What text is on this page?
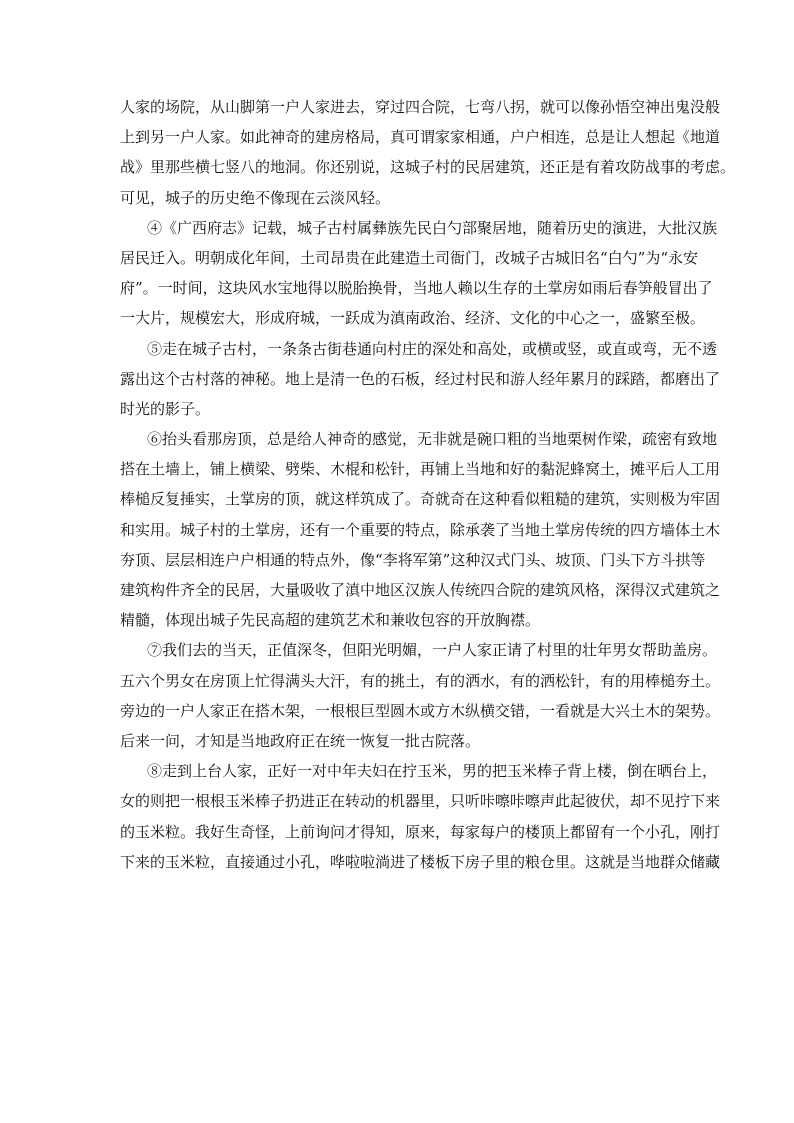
人家的场院，从山脚第一户人家进去，穿过四合院，七弯八拐，就可以像孙悟空神出鬼没般
上到另一户人家。如此神奇的建房格局，真可谓家家相通，户户相连，总是让人想起《地道
战》里那些横七竖八的地洞。你还别说，这城子村的民居建筑，还正是有着攻防战事的考虑。
可见，城子的历史绝不像现在云淡风轻。
④《广西府志》记载，城子古村属彝族先民白勺部聚居地，随着历史的演进，大批汉族
居民迁入。明朝成化年间，土司昂贵在此建造土司衙门，改城子古城旧名“白勺”为“永安
府”。一时间，这块风水宝地得以脱胎换骨，当地人赖以生存的土掌房如雨后春笋般冒出了
一大片，规模宏大，形成府城，一跃成为滇南政治、经济、文化的中心之一，盛繁至极。
⑤走在城子古村，一条条古街巷通向村庄的深处和高处，或横或竖，或直或弯，无不透
露出这个古村落的神秘。地上是清一色的石板，经过村民和游人经年累月的踩踏，都磨出了
时光的影子。
⑥抬头看那房顶，总是给人神奇的感觉，无非就是碗口粗的当地栗树作梁，疏密有致地
搭在土墙上，铺上横梁、劈柴、木棍和松针，再铺上当地和好的黏泥蜂窝土，摊平后人工用
棒槌反复捶实，土掌房的顶，就这样筑成了。奇就奇在这种看似粗糙的建筑，实则极为牢固
和实用。城子村的土掌房，还有一个重要的特点，除承袭了当地土掌房传统的四方墙体土木
夯顶、层层相连户户相通的特点外，像“李将军第”这种汉式门头、坡顶、门头下方斗拱等
建筑构件齐全的民居，大量吸收了滇中地区汉族人传统四合院的建筑风格，深得汉式建筑之
精髓，体现出城子先民高超的建筑艺术和兼收包容的开放胸襟。
⑦我们去的当天，正值深冬，但阳光明媚，一户人家正请了村里的壮年男女帮助盖房。
五六个男女在房顶上忙得满头大汗，有的挑土，有的洒水，有的洒松针，有的用棒槌夯土。
旁边的一户人家正在搭木架，一根根巨型圆木或方木纵横交错，一看就是大兴土木的架势。
后来一问，才知是当地政府正在统一恢复一批古院落。
⑧走到上台人家，正好一对中年夫妇在拧玉米，男的把玉米棒子背上楼，倒在晒台上，
女的则把一根根玉米棒子扔进正在转动的机器里，只听咔嚓咔嚓声此起彼伏，却不见拧下来
的玉米粒。我好生奇怪，上前询问才得知，原来，每家每户的楼顶上都留有一个小孔，刚打
下来的玉米粒，直接通过小孔，哗啦啦淌进了楼板下房子里的粮仓里。这就是当地群众储藏
